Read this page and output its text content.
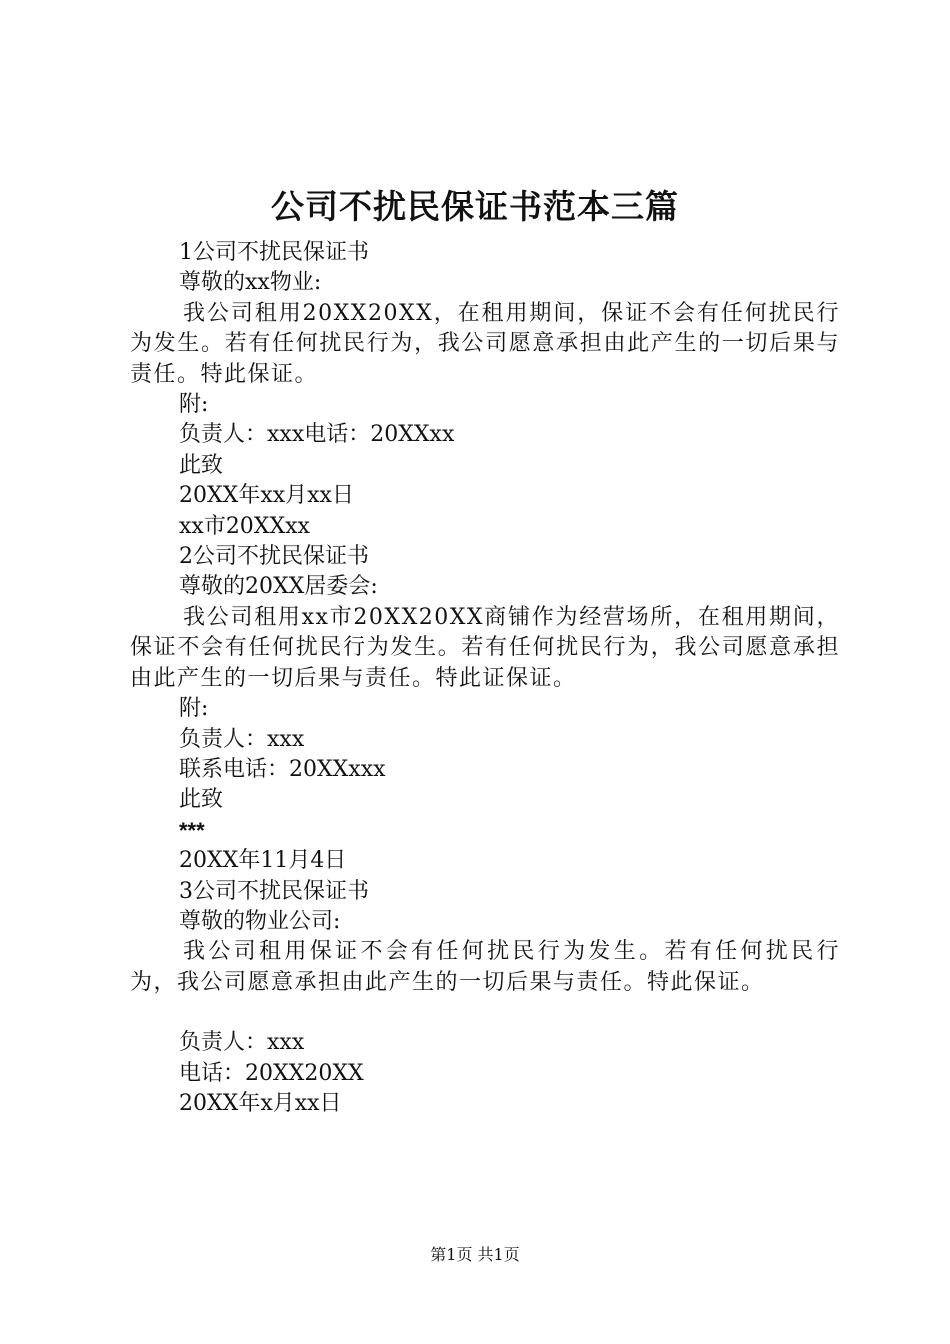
公司不扰民保证书范本三篇
1公司不扰民保证书
尊敬的xx物业:
我公司租用20XX20XX，在租用期间，保证不会有任何扰民行为发生。若有任何扰民行为，我公司愿意承担由此产生的一切后果与责任。特此保证。
附:
负责人：xxx电话：20XXxx
此致
20XX年xx月xx日
xx市20XXxx
2公司不扰民保证书
尊敬的20XX居委会:
我公司租用xx市20XX20XX商铺作为经营场所，在租用期间，保证不会有任何扰民行为发生。若有任何扰民行为，我公司愿意承担由此产生的一切后果与责任。特此证保证。
附:
负责人：xxx
联系电话：20XXxxx
此致
***
20XX年11月4日
3公司不扰民保证书
尊敬的物业公司:
我公司租用保证不会有任何扰民行为发生。若有任何扰民行为，我公司愿意承担由此产生的一切后果与责任。特此保证。
负责人：xxx
电话：20XX20XX
20XX年x月xx日
第1页 共1页
